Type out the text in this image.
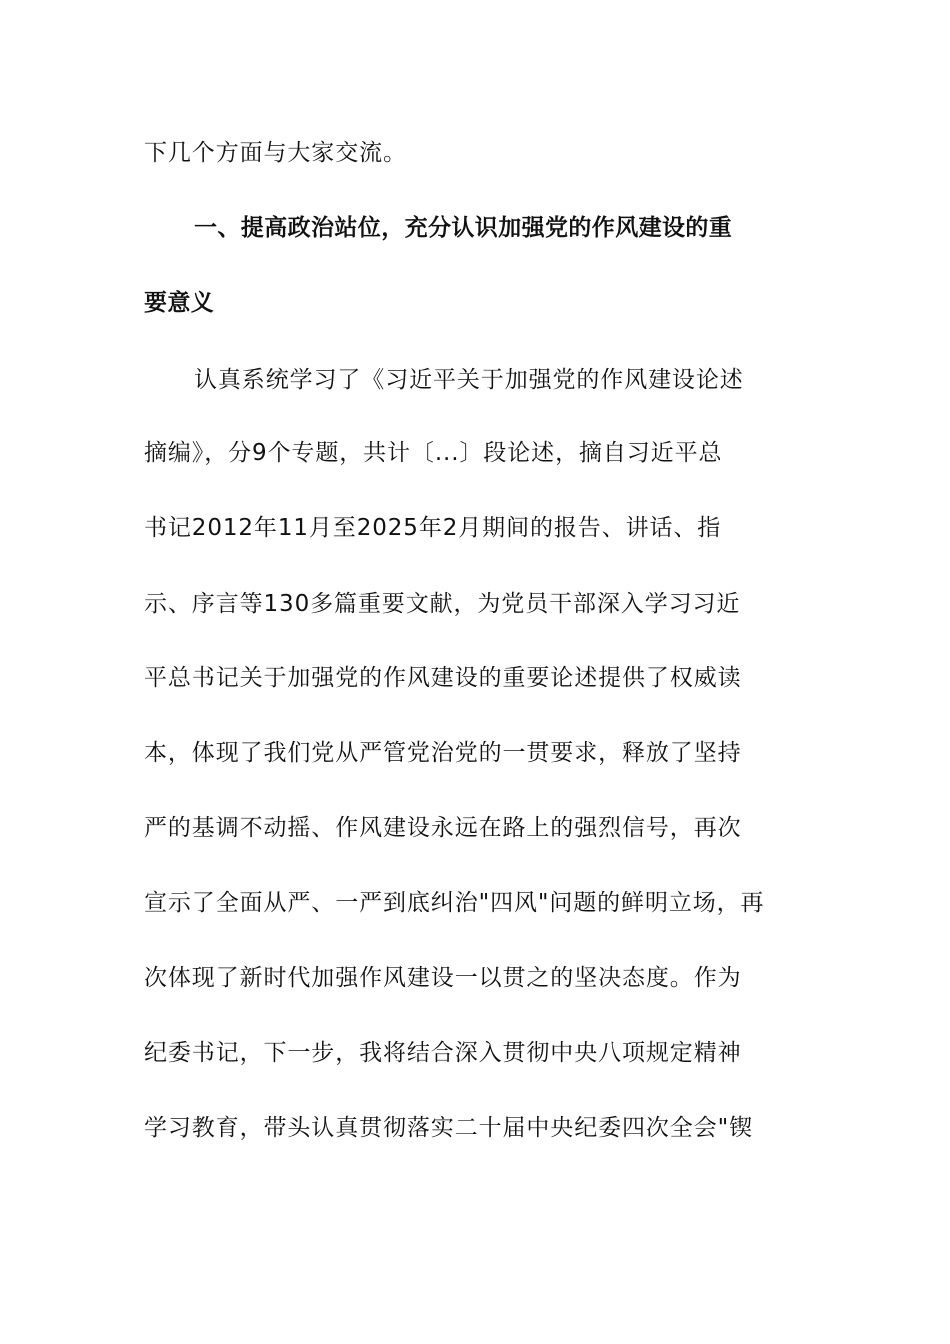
下几个方面与大家交流。
一、提高政治站位，充分认识加强党的作风建设的重
要意义
认真系统学习了《习近平关于加强党的作风建设论述
摘编》，分9个专题，共计〔...〕段论述，摘自习近平总
书记2012年11月至2025年2月期间的报告、讲话、指
示、序言等130多篇重要文献，为党员干部深入学习习近
平总书记关于加强党的作风建设的重要论述提供了权威读
本，体现了我们党从严管党治党的一贯要求，释放了坚持
严的基调不动摇、作风建设永远在路上的强烈信号，再次
宣示了全面从严、一严到底纠治"四风"问题的鲜明立场，再
次体现了新时代加强作风建设一以贯之的坚决态度。作为
纪委书记，下一步，我将结合深入贯彻中央八项规定精神
学习教育，带头认真贯彻落实二十届中央纪委四次全会"锲
